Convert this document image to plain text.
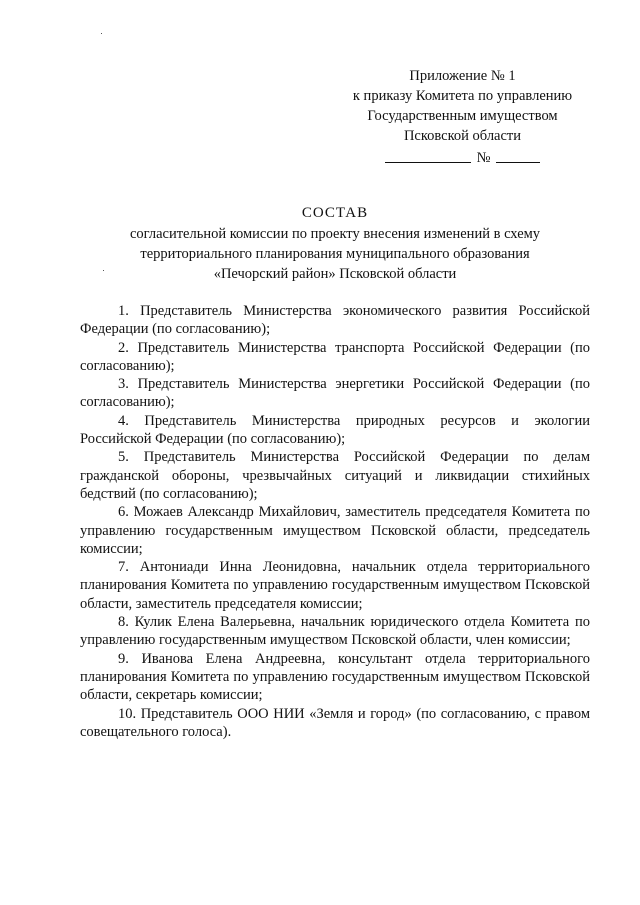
Приложение № 1
к приказу Комитета по управлению
Государственным имуществом
Псковской области
№
СОСТАВ
согласительной комиссии по проекту внесения изменений в схему
территориального планирования муниципального образования
«Печорский район» Псковской области

1. Представитель Министерства экономического развития Российской Федерации (по согласованию);

2. Представитель Министерства транспорта Российской Федерации (по согласованию);

3. Представитель Министерства энергетики Российской Федерации (по согласованию);

4. Представитель Министерства природных ресурсов и экологии Российской Федерации (по согласованию);

5. Представитель Министерства Российской Федерации по делам гражданской обороны, чрезвычайных ситуаций и ликвидации стихийных бедствий (по согласованию);

6. Можаев Александр Михайлович, заместитель председателя Комитета по управлению государственным имуществом Псковской области, председатель комиссии;

7. Антониади Инна Леонидовна, начальник отдела территориального планирования Комитета по управлению государственным имуществом Псковской области, заместитель председателя комиссии;

8. Кулик Елена Валерьевна, начальник юридического отдела Комитета по управлению государственным имуществом Псковской области, член комиссии;

9. Иванова Елена Андреевна, консультант отдела территориального планирования Комитета по управлению государственным имуществом Псковской области, секретарь комиссии;

10. Представитель ООО НИИ «Земля и город» (по согласованию, с правом совещательного голоса).
